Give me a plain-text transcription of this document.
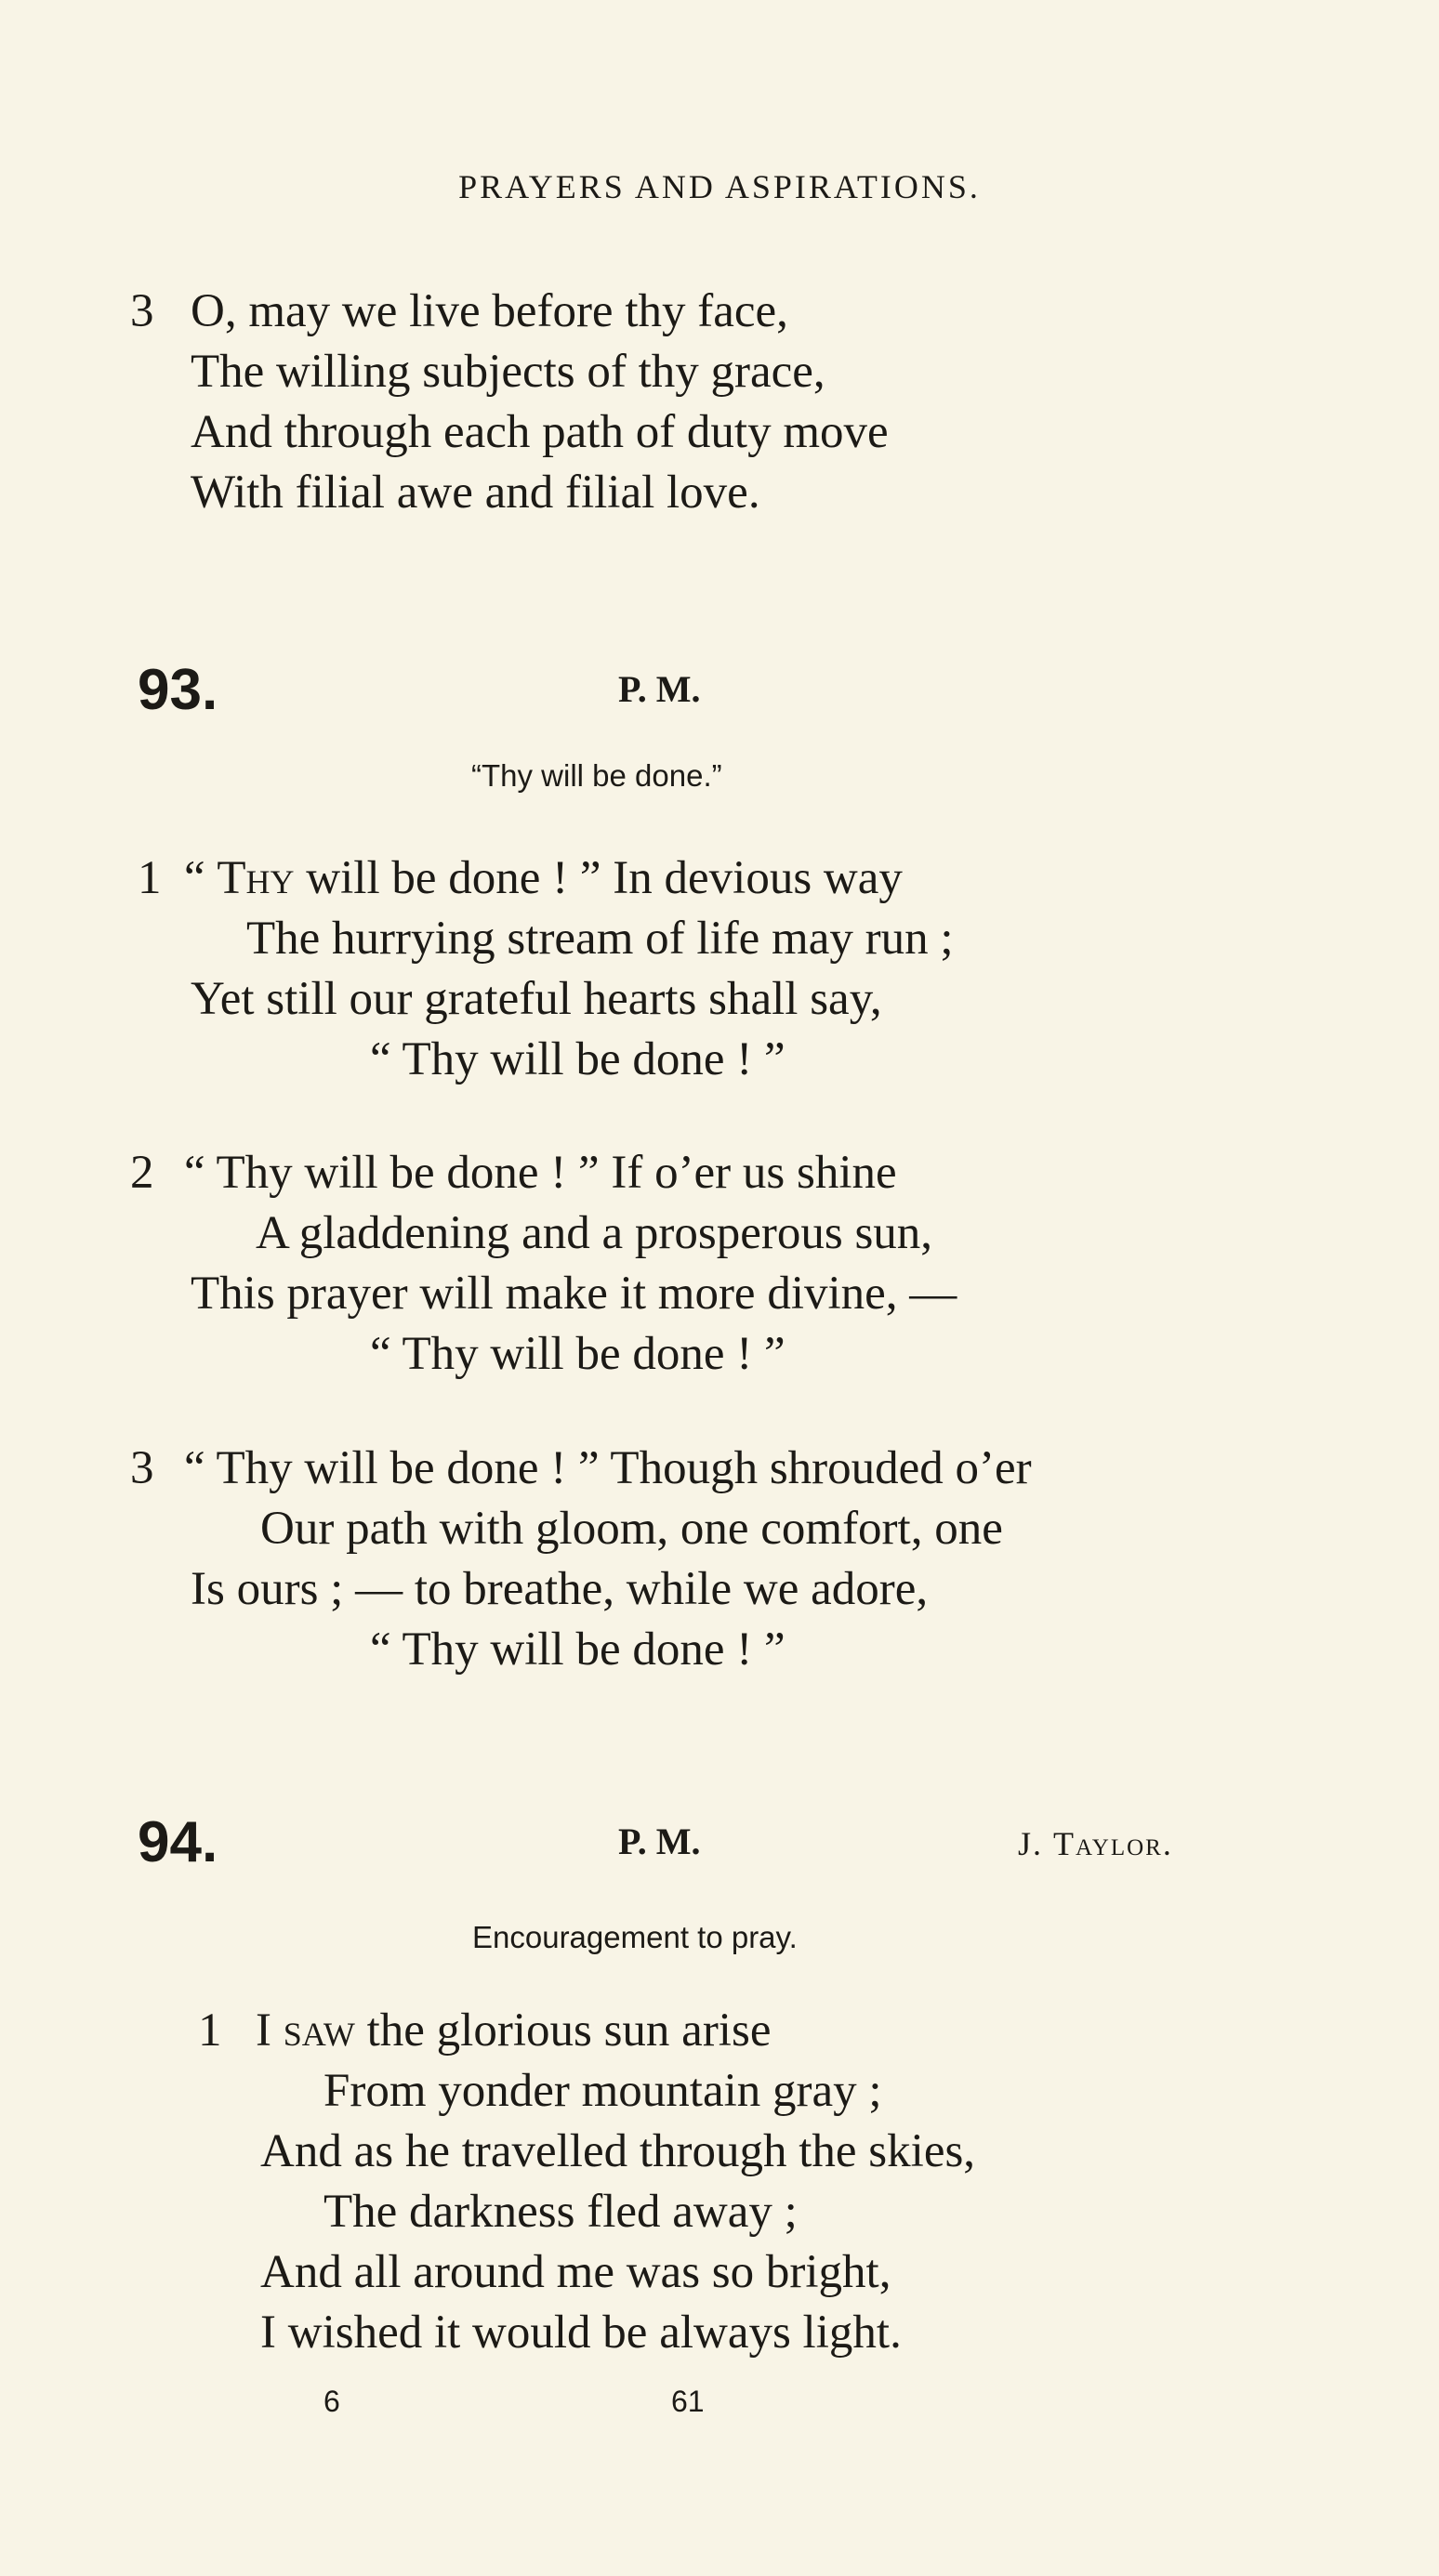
PRAYERS AND ASPIRATIONS.
3 O, may we live before thy face,
The willing subjects of thy grace,
And through each path of duty move
With filial awe and filial love.
93.	P. M.
“Thy will be done.”
1 “ Thy will be done ! ” In devious way
The hurrying stream of life may run ;
Yet still our grateful hearts shall say,
“ Thy will be done ! ”
2 “ Thy will be done ! ” If o’er us shine
A gladdening and a prosperous sun,
This prayer will make it more divine, —
“ Thy will be done ! ”
3 “ Thy will be done ! ” Though shrouded o’er
Our path with gloom, one comfort, one
Is ours ; — to breathe, while we adore,
“ Thy will be done ! ”
94.	P. M.	J. Taylor.
Encouragement to pray.
1 I saw the glorious sun arise
From yonder mountain gray ;
And as he travelled through the skies,
The darkness fled away ;
And all around me was so bright,
I wished it would be always light.
6	61
